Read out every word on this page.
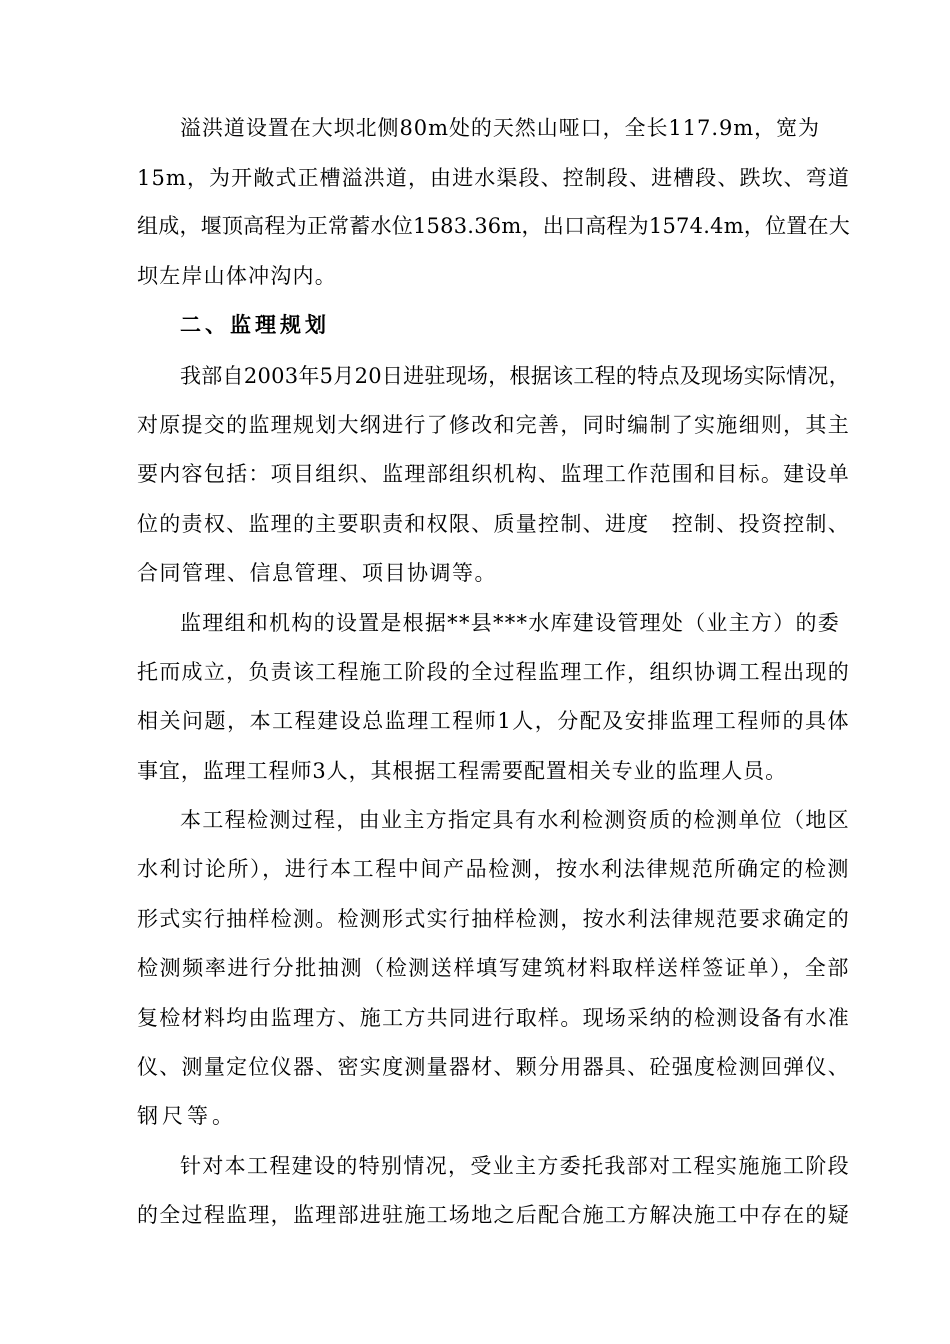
溢洪道设置在大坝北侧80m处的天然山哑口，全长117.9m，宽为
15m，为开敞式正槽溢洪道，由进水渠段、控制段、进槽段、跌坎、弯道
组成，堰顶高程为正常蓄水位1583.36m，出口高程为1574.4m，位置在大
坝左岸山体冲沟内。
二、监理规划
我部自2003年5月20日进驻现场，根据该工程的特点及现场实际情况，
对原提交的监理规划大纲进行了修改和完善，同时编制了实施细则，其主
要内容包括：项目组织、监理部组织机构、监理工作范围和目标。建设单
位的责权、监理的主要职责和权限、质量控制、进度　控制、投资控制、
合同管理、信息管理、项目协调等。
监理组和机构的设置是根据**县***水库建设管理处（业主方）的委
托而成立，负责该工程施工阶段的全过程监理工作，组织协调工程出现的
相关问题，本工程建设总监理工程师1人，分配及安排监理工程师的具体
事宜，监理工程师3人，其根据工程需要配置相关专业的监理人员。
本工程检测过程，由业主方指定具有水利检测资质的检测单位（地区
水利讨论所），进行本工程中间产品检测，按水利法律规范所确定的检测
形式实行抽样检测。检测形式实行抽样检测，按水利法律规范要求确定的
检测频率进行分批抽测（检测送样填写建筑材料取样送样签证单），全部
复检材料均由监理方、施工方共同进行取样。现场采纳的检测设备有水准
仪、测量定位仪器、密实度测量器材、颗分用器具、砼强度检测回弹仪、
钢尺等。
针对本工程建设的特别情况，受业主方委托我部对工程实施施工阶段
的全过程监理，监理部进驻施工场地之后配合施工方解决施工中存在的疑
